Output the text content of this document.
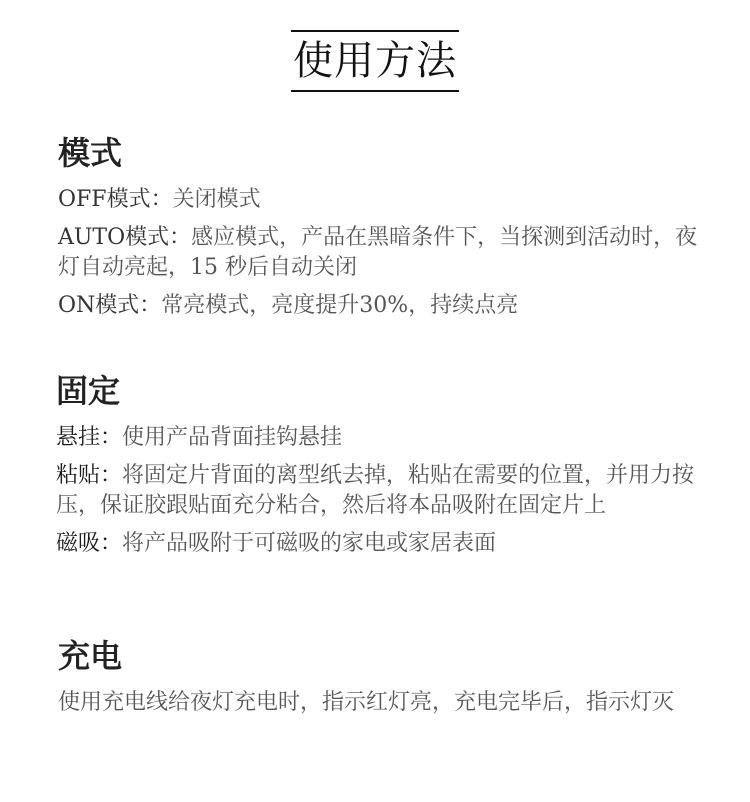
使用方法
模式

OFF模式：关闭模式

AUTO模式：感应模式，产品在黑暗条件下，当探测到活动时，夜灯自动亮起，15 秒后自动关闭

ON模式：常亮模式，亮度提升30%，持续点亮

固定

悬挂：使用产品背面挂钩悬挂

粘贴：将固定片背面的离型纸去掉，粘贴在需要的位置，并用力按压，保证胶跟贴面充分粘合，然后将本品吸附在固定片上

磁吸：将产品吸附于可磁吸的家电或家居表面

充电

使用充电线给夜灯充电时，指示红灯亮，充电完毕后，指示灯灭
